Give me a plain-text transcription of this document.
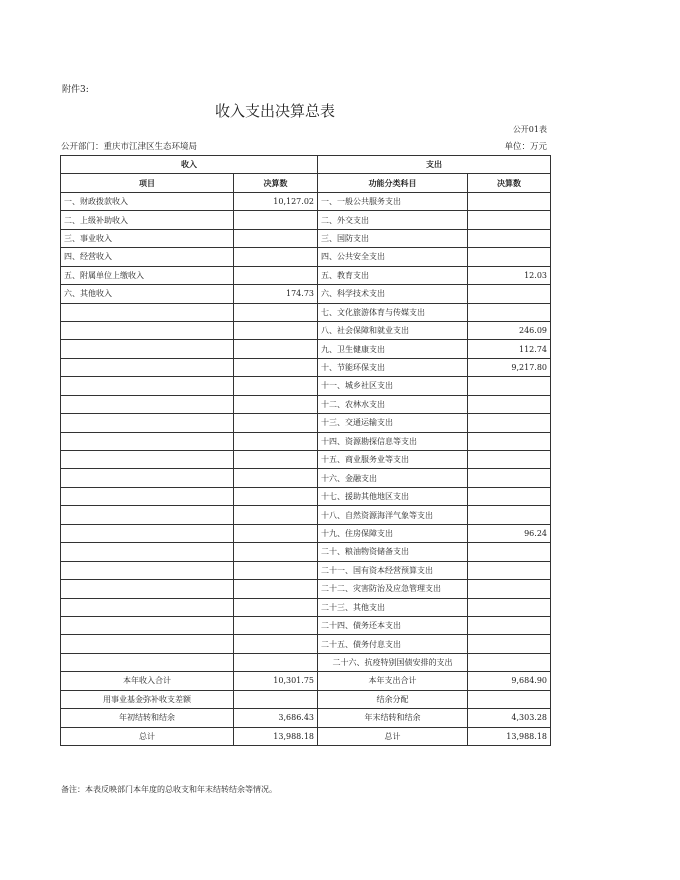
附件3:
收入支出决算总表
公开01表
公开部门：重庆市江津区生态环境局	单位：万元
收入		支出	
项目	决算数	功能分类科目	决算数
一、财政拨款收入	10,127.02	一、一般公共服务支出	
二、上级补助收入		二、外交支出	
三、事业收入		三、国防支出	
四、经营收入		四、公共安全支出	
五、附属单位上缴收入		五、教育支出	12.03
六、其他收入	174.73	六、科学技术支出	
		七、文化旅游体育与传媒支出	
		八、社会保障和就业支出	246.09
		九、卫生健康支出	112.74
		十、节能环保支出	9,217.80
		十一、城乡社区支出	
		十二、农林水支出	
		十三、交通运输支出	
		十四、资源勘探信息等支出	
		十五、商业服务业等支出	
		十六、金融支出	
		十七、援助其他地区支出	
		十八、自然资源海洋气象等支出	
		十九、住房保障支出	96.24
		二十、粮油物资储备支出	
		二十一、国有资本经营预算支出	
		二十二、灾害防治及应急管理支出	
		二十三、其他支出	
		二十四、债务还本支出	
		二十五、债务付息支出	
		二十六、抗疫特别国债安排的支出	
本年收入合计	10,301.75	本年支出合计	9,684.90
用事业基金弥补收支差额		结余分配	
年初结转和结余	3,686.43	年末结转和结余	4,303.28
总计	13,988.18	总计	13,988.18
备注：本表反映部门本年度的总收支和年末结转结余等情况。
